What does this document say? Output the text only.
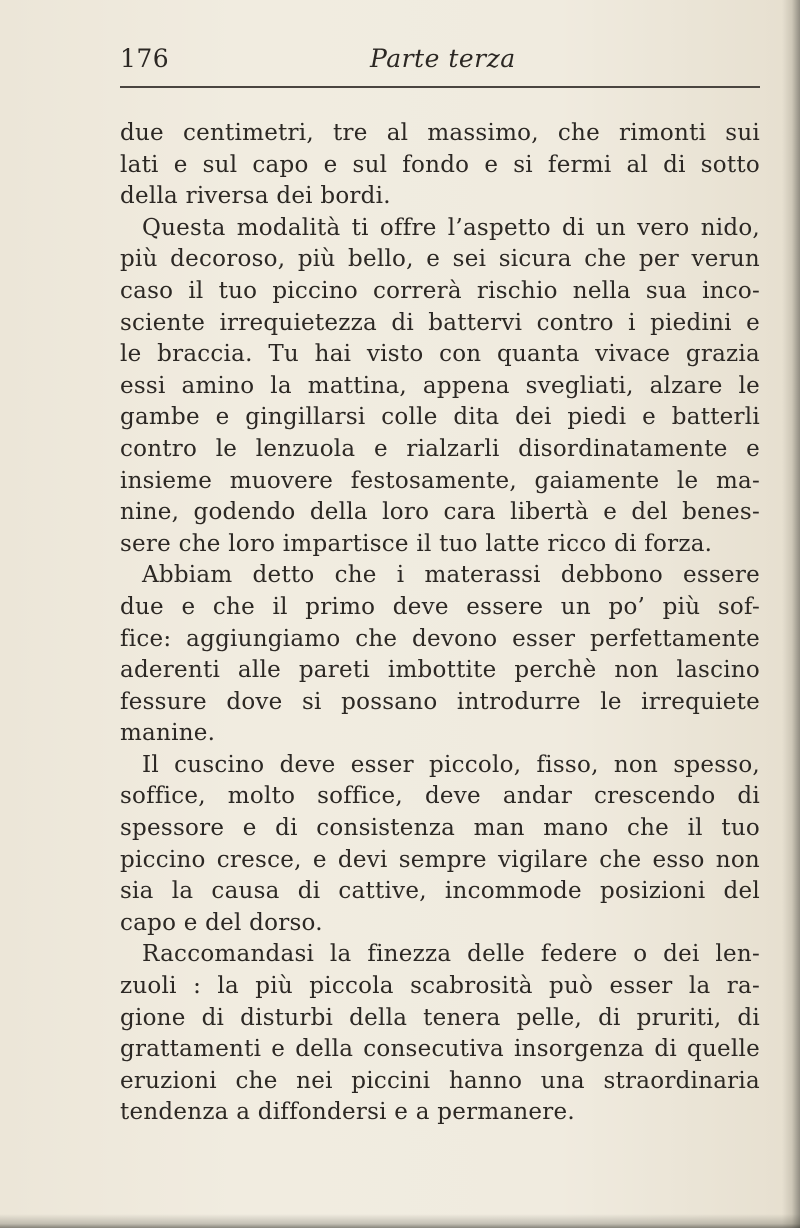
176	Parte terza
due centimetri, tre al massimo, che rimonti sui
lati e sul capo e sul fondo e si fermi al di sotto
della riversa dei bordi.
Questa modalità ti offre l’aspetto di un vero nido,
più decoroso, più bello, e sei sicura che per verun
caso il tuo piccino correrà rischio nella sua inco-
sciente irrequietezza di battervi contro i piedini e
le braccia. Tu hai visto con quanta vivace grazia
essi amino la mattina, appena svegliati, alzare le
gambe e gingillarsi colle dita dei piedi e batterli
contro le lenzuola e rialzarli disordinatamente e
insieme muovere festosamente, gaiamente le ma-
nine, godendo della loro cara libertà e del benes-
sere che loro impartisce il tuo latte ricco di forza.
Abbiam detto che i materassi debbono essere
due e che il primo deve essere un po’ più sof-
fice: aggiungiamo che devono esser perfettamente
aderenti alle pareti imbottite perchè non lascino
fessure dove si possano introdurre le irrequiete
manine.
Il cuscino deve esser piccolo, fisso, non spesso,
soffice, molto soffice, deve andar crescendo di
spessore e di consistenza man mano che il tuo
piccino cresce, e devi sempre vigilare che esso non
sia la causa di cattive, incommode posizioni del
capo e del dorso.
Raccomandasi la finezza delle federe o dei len-
zuoli : la più piccola scabrosità può esser la ra-
gione di disturbi della tenera pelle, di pruriti, di
grattamenti e della consecutiva insorgenza di quelle
eruzioni che nei piccini hanno una straordinaria
tendenza a diffondersi e a permanere.
